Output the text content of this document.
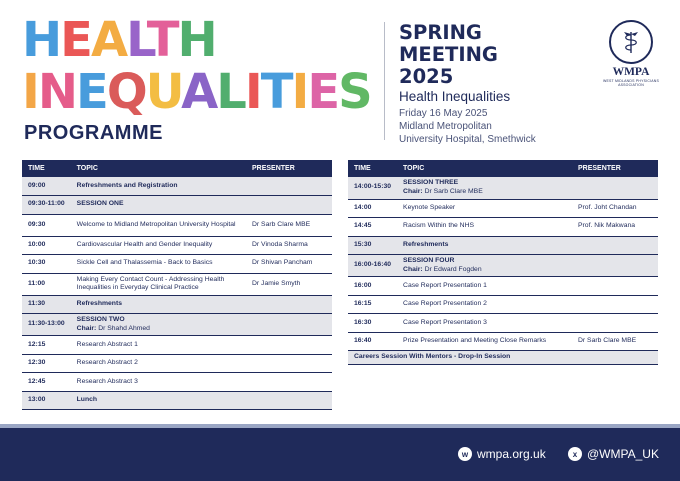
HEALTH
INEQUALITIES
PROGRAMME
SPRING
MEETING
2025
Health Inequalities
Friday 16 May 2025
Midland Metropolitan
University Hospital, Smethwick
WMPA
WEST MIDLANDS PHYSICIANS ASSOCIATION
TIME	TOPIC	PRESENTER
09:00	Refreshments and Registration	

09:30-11:00	SESSION ONE	

09:30	Welcome to Midland Metropolitan University Hospital	Dr Sarb Clare MBE
10:00	Cardiovascular Health and Gender Inequality	Dr Vinoda Sharma
10:30	Sickle Cell and Thalassemia - Back to Basics	Dr Shivan Pancham
11:00	Making Every Contact Count - Addressing Health Inequalities in Everyday Clinical Practice	Dr Jamie Smyth
11:30	Refreshments	

11:30-13:00	SESSION TWO
Chair: Dr Shahd Ahmed	

12:15	Research Abstract 1	

12:30	Research Abstract 2	

12:45	Research Abstract 3	

13:00	Lunch	

TIME	TOPIC	PRESENTER
14:00-15:30	SESSION THREE
Chair: Dr Sarb Clare MBE	

14:00	Keynote Speaker	Prof. Joht Chandan
14:45	Racism Within the NHS	Prof. Nik Makwana
15:30	Refreshments	

16:00-16:40	SESSION FOUR
Chair: Dr Edward Fogden	

16:00	Case Report Presentation 1	

16:15	Case Report Presentation 2	

16:30	Case Report Presentation 3	

16:40	Prize Presentation and Meeting Close Remarks	Dr Sarb Clare MBE
Careers Session With Mentors - Drop-In Session		
w wmpa.org.uk	x @WMPA_UK
